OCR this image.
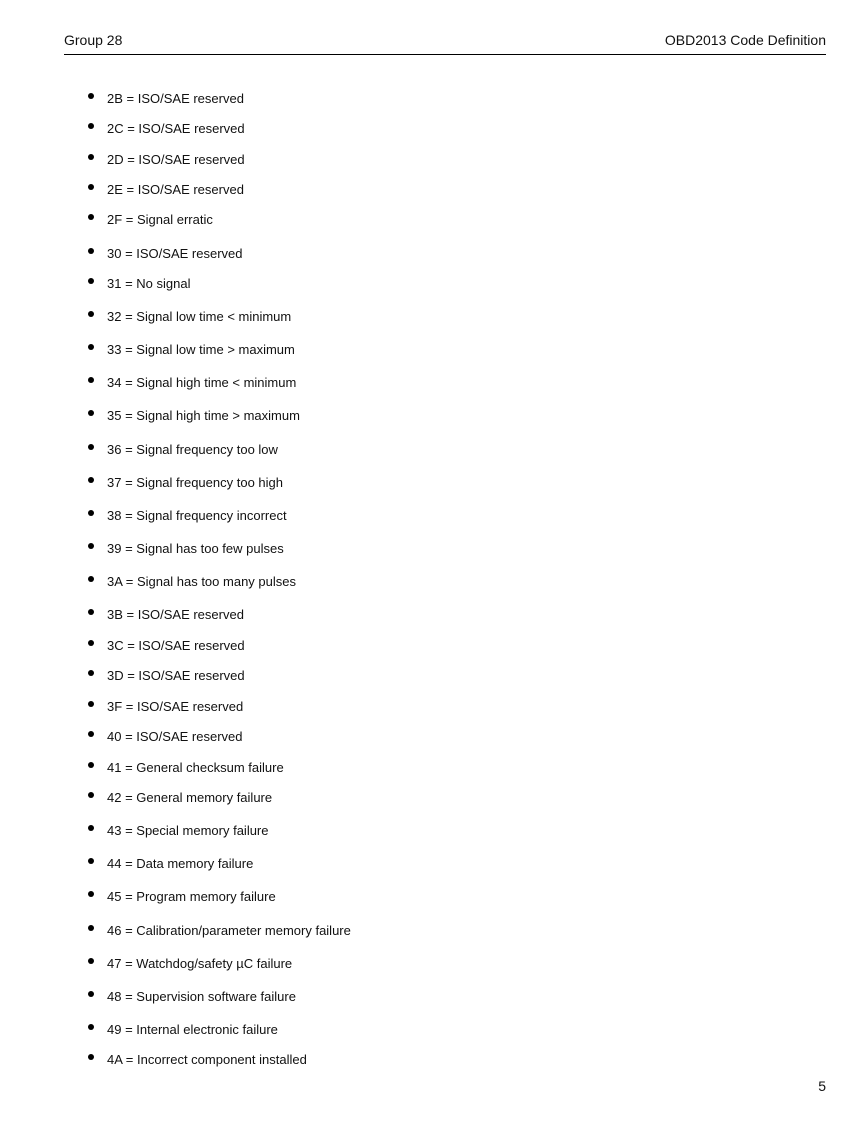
Group 28	OBD2013 Code Definition
2B = ISO/SAE reserved
2C = ISO/SAE reserved
2D = ISO/SAE reserved
2E = ISO/SAE reserved
2F = Signal erratic
30 = ISO/SAE reserved
31 = No signal
32 = Signal low time < minimum
33 = Signal low time > maximum
34 = Signal high time < minimum
35 = Signal high time > maximum
36 = Signal frequency too low
37 = Signal frequency too high
38 = Signal frequency incorrect
39 = Signal has too few pulses
3A = Signal has too many pulses
3B = ISO/SAE reserved
3C = ISO/SAE reserved
3D = ISO/SAE reserved
3F = ISO/SAE reserved
40 = ISO/SAE reserved
41 = General checksum failure
42 = General memory failure
43 = Special memory failure
44 = Data memory failure
45 = Program memory failure
46 = Calibration/parameter memory failure
47 = Watchdog/safety µC failure
48 = Supervision software failure
49 = Internal electronic failure
4A = Incorrect component installed
5
